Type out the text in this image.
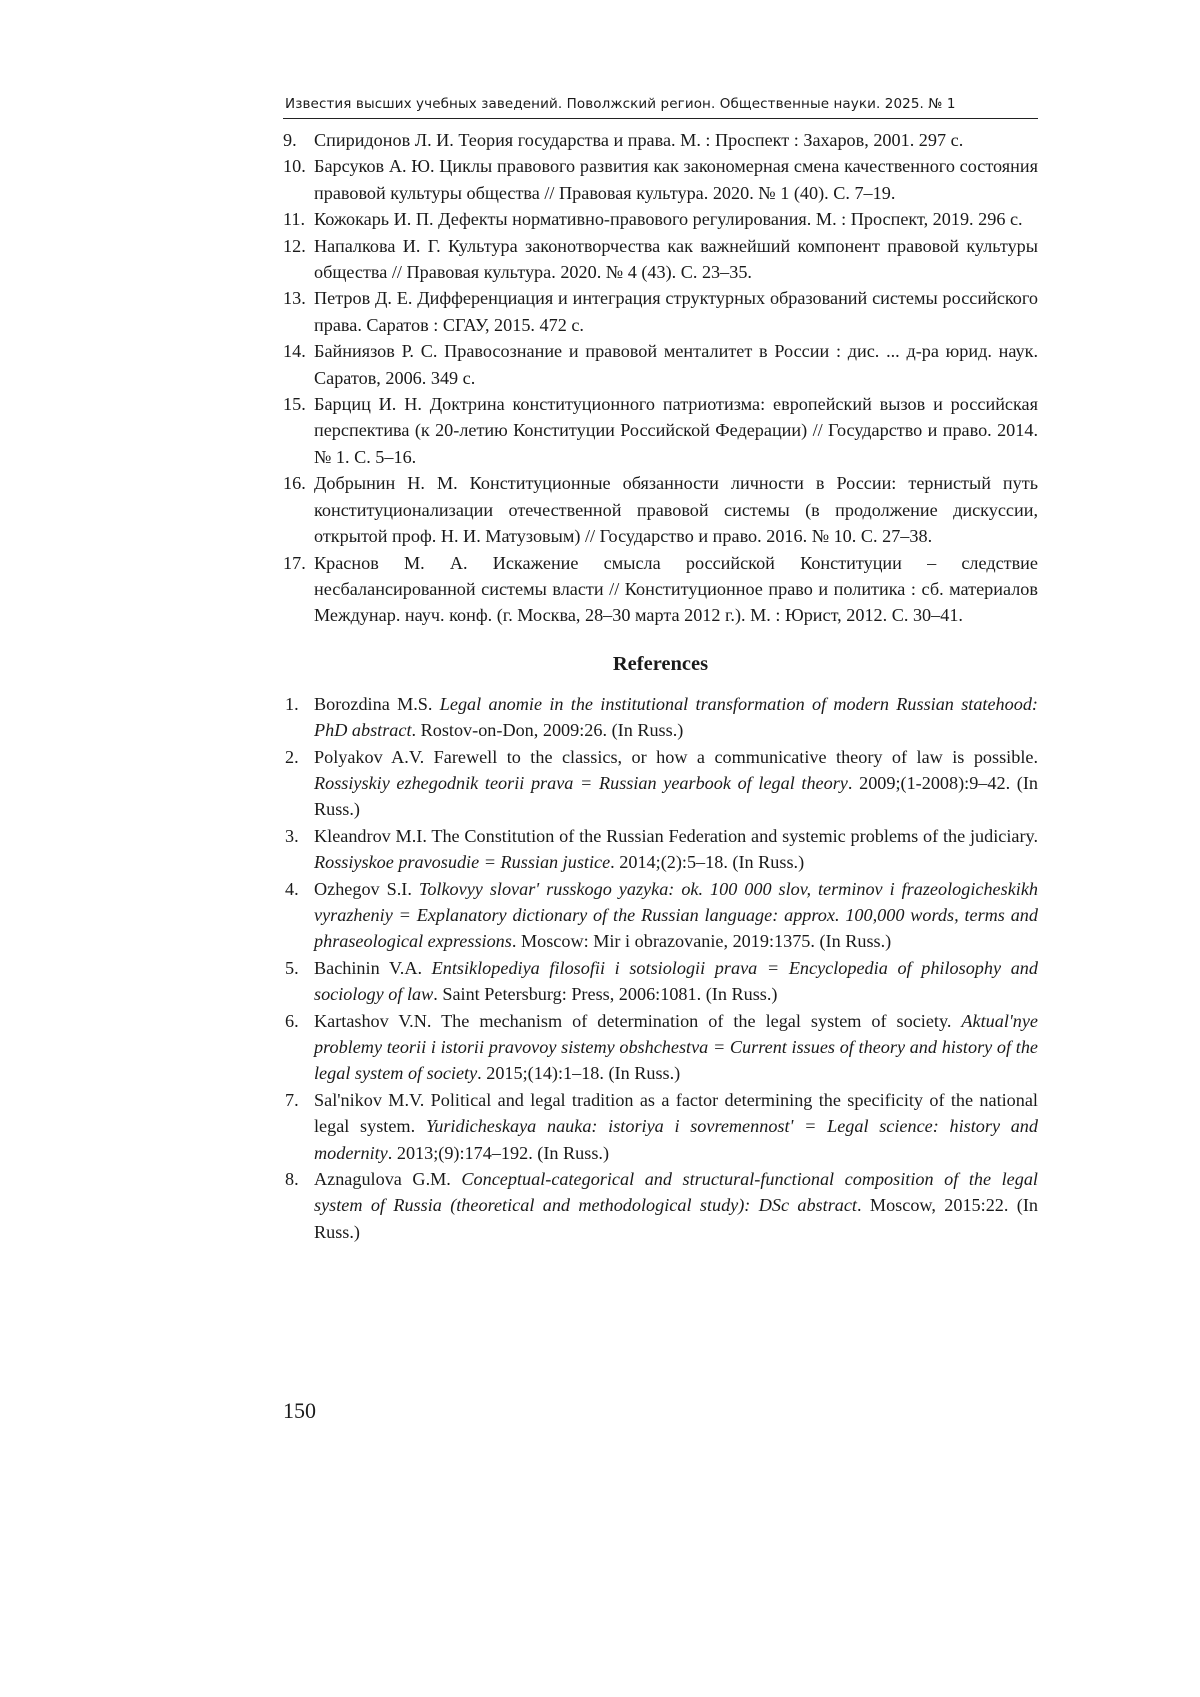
Известия высших учебных заведений. Поволжский регион. Общественные науки. 2025. № 1
9. Спиридонов Л. И. Теория государства и права. М. : Проспект : Захаров, 2001. 297 с.
10. Барсуков А. Ю. Циклы правового развития как закономерная смена качественного состояния правовой культуры общества // Правовая культура. 2020. № 1 (40). С. 7–19.
11. Кожокарь И. П. Дефекты нормативно-правового регулирования. М. : Проспект, 2019. 296 с.
12. Напалкова И. Г. Культура законотворчества как важнейший компонент правовой культуры общества // Правовая культура. 2020. № 4 (43). С. 23–35.
13. Петров Д. Е. Дифференциация и интеграция структурных образований системы российского права. Саратов : СГАУ, 2015. 472 с.
14. Байниязов Р. С. Правосознание и правовой менталитет в России : дис. ... д-ра юрид. наук. Саратов, 2006. 349 с.
15. Барциц И. Н. Доктрина конституционного патриотизма: европейский вызов и российская перспектива (к 20-летию Конституции Российской Федерации) // Государство и право. 2014. № 1. С. 5–16.
16. Добрынин Н. М. Конституционные обязанности личности в России: тернистый путь конституционализации отечественной правовой системы (в продолжение дискуссии, открытой проф. Н. И. Матузовым) // Государство и право. 2016. № 10. С. 27–38.
17. Краснов М. А. Искажение смысла российской Конституции – следствие несбалансированной системы власти // Конституционное право и политика : сб. материалов Междунар. науч. конф. (г. Москва, 28–30 марта 2012 г.). М. : Юрист, 2012. С. 30–41.
References
1. Borozdina M.S. Legal anomie in the institutional transformation of modern Russian statehood: PhD abstract. Rostov-on-Don, 2009:26. (In Russ.)
2. Polyakov A.V. Farewell to the classics, or how a communicative theory of law is possible. Rossiyskiy ezhegodnik teorii prava = Russian yearbook of legal theory. 2009;(1-2008):9–42. (In Russ.)
3. Kleandrov M.I. The Constitution of the Russian Federation and systemic problems of the judiciary. Rossiyskoe pravosudie = Russian justice. 2014;(2):5–18. (In Russ.)
4. Ozhegov S.I. Tolkovyy slovar' russkogo yazyka: ok. 100 000 slov, terminov i frazeologicheskikh vyrazheniy = Explanatory dictionary of the Russian language: approx. 100,000 words, terms and phraseological expressions. Moscow: Mir i obrazovanie, 2019:1375. (In Russ.)
5. Bachinin V.A. Entsiklopediya filosofii i sotsiologii prava = Encyclopedia of philosophy and sociology of law. Saint Petersburg: Press, 2006:1081. (In Russ.)
6. Kartashov V.N. The mechanism of determination of the legal system of society. Aktual'nye problemy teorii i istorii pravovoy sistemy obshchestva = Current issues of theory and history of the legal system of society. 2015;(14):1–18. (In Russ.)
7. Sal'nikov M.V. Political and legal tradition as a factor determining the specificity of the national legal system. Yuridicheskaya nauka: istoriya i sovremennost' = Legal science: history and modernity. 2013;(9):174–192. (In Russ.)
8. Aznagulova G.M. Conceptual-categorical and structural-functional composition of the legal system of Russia (theoretical and methodological study): DSc abstract. Moscow, 2015:22. (In Russ.)
150
